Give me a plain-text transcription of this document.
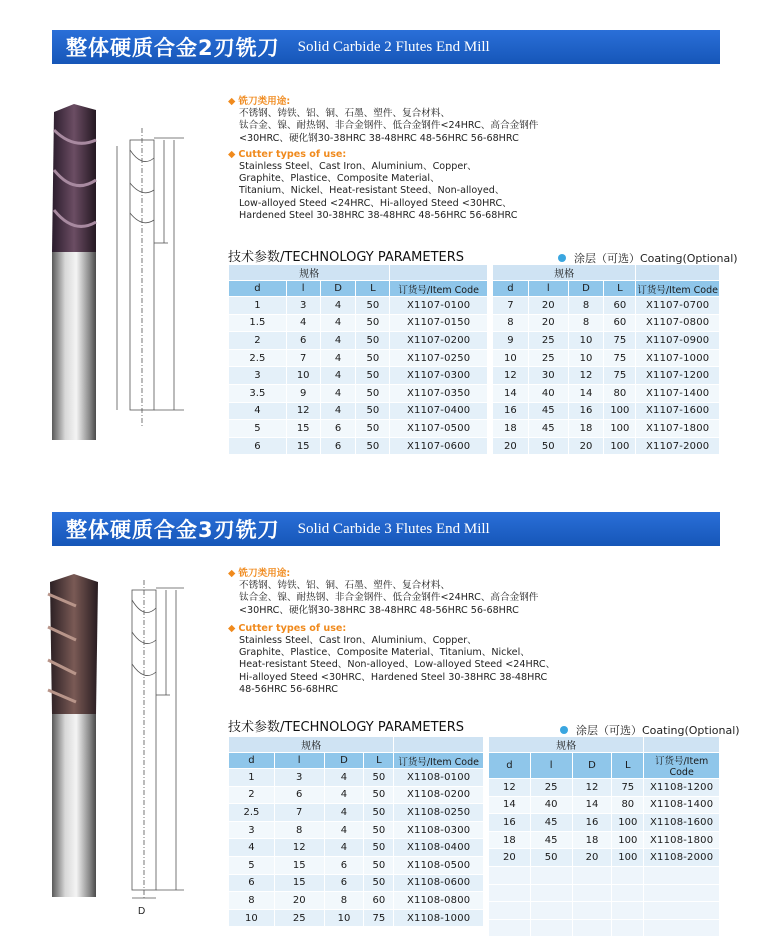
整体硬质合金2刃铣刀 Solid Carbide 2 Flutes End Mill
◆ 铣刀类用途:
不锈钢、铸铁、铝、铜、石墨、塑件、复合材料、
钛合金、镍、耐热钢、非合金钢件、低合金钢件<24HRC、高合金钢件
<30HRC、硬化钢30-38HRC 38-48HRC 48-56HRC 56-68HRC
◆ Cutter types of use:
Stainless Steel、Cast Iron、Aluminium、Copper、
Graphite、Plastice、Composite Material、
Titanium、Nickel、Heat-resistant Steed、Non-alloyed、
Low-alloyed Steed <24HRC、Hi-alloyed Steed <30HRC、
Hardened Steel 30-38HRC 38-48HRC 48-56HRC 56-68HRC
技术参数/TECHNOLOGY PARAMETERS	涂层（可选）Coating(Optional)
规格				
d	l	D	L	订货号/Item Code
1	3	4	50	X1107-0100
1.5	4	4	50	X1107-0150
2	6	4	50	X1107-0200
2.5	7	4	50	X1107-0250
3	10	4	50	X1107-0300
3.5	9	4	50	X1107-0350
4	12	4	50	X1107-0400
5	15	6	50	X1107-0500
6	15	6	50	X1107-0600
规格				
d	l	D	L	订货号/Item Code
7	20	8	60	X1107-0700
8	20	8	60	X1107-0800
9	25	10	75	X1107-0900
10	25	10	75	X1107-1000
12	30	12	75	X1107-1200
14	40	14	80	X1107-1400
16	45	16	100	X1107-1600
18	45	18	100	X1107-1800
20	50	20	100	X1107-2000
整体硬质合金3刃铣刀 Solid Carbide 3 Flutes End Mill
D
◆ 铣刀类用途:
不锈钢、铸铁、铝、铜、石墨、塑件、复合材料、
钛合金、镍、耐热钢、非合金钢件、低合金钢件<24HRC、高合金钢件
<30HRC、硬化钢30-38HRC 38-48HRC 48-56HRC 56-68HRC
◆ Cutter types of use:
Stainless Steel、Cast Iron、Aluminium、Copper、
Graphite、Plastice、Composite Material、Titanium、Nickel、
Heat-resistant Steed、Non-alloyed、Low-alloyed Steed <24HRC、
Hi-alloyed Steed <30HRC、Hardened Steel 30-38HRC 38-48HRC
48-56HRC 56-68HRC
技术参数/TECHNOLOGY PARAMETERS	涂层（可选）Coating(Optional)
规格				
d	l	D	L	订货号/Item Code
1	3	4	50	X1108-0100
2	6	4	50	X1108-0200
2.5	7	4	50	X1108-0250
3	8	4	50	X1108-0300
4	12	4	50	X1108-0400
5	15	6	50	X1108-0500
6	15	6	50	X1108-0600
8	20	8	60	X1108-0800
10	25	10	75	X1108-1000
规格				
d	l	D	L	订货号/Item Code
12	25	12	75	X1108-1200
14	40	14	80	X1108-1400
16	45	16	100	X1108-1600
18	45	18	100	X1108-1800
20	50	20	100	X1108-2000
